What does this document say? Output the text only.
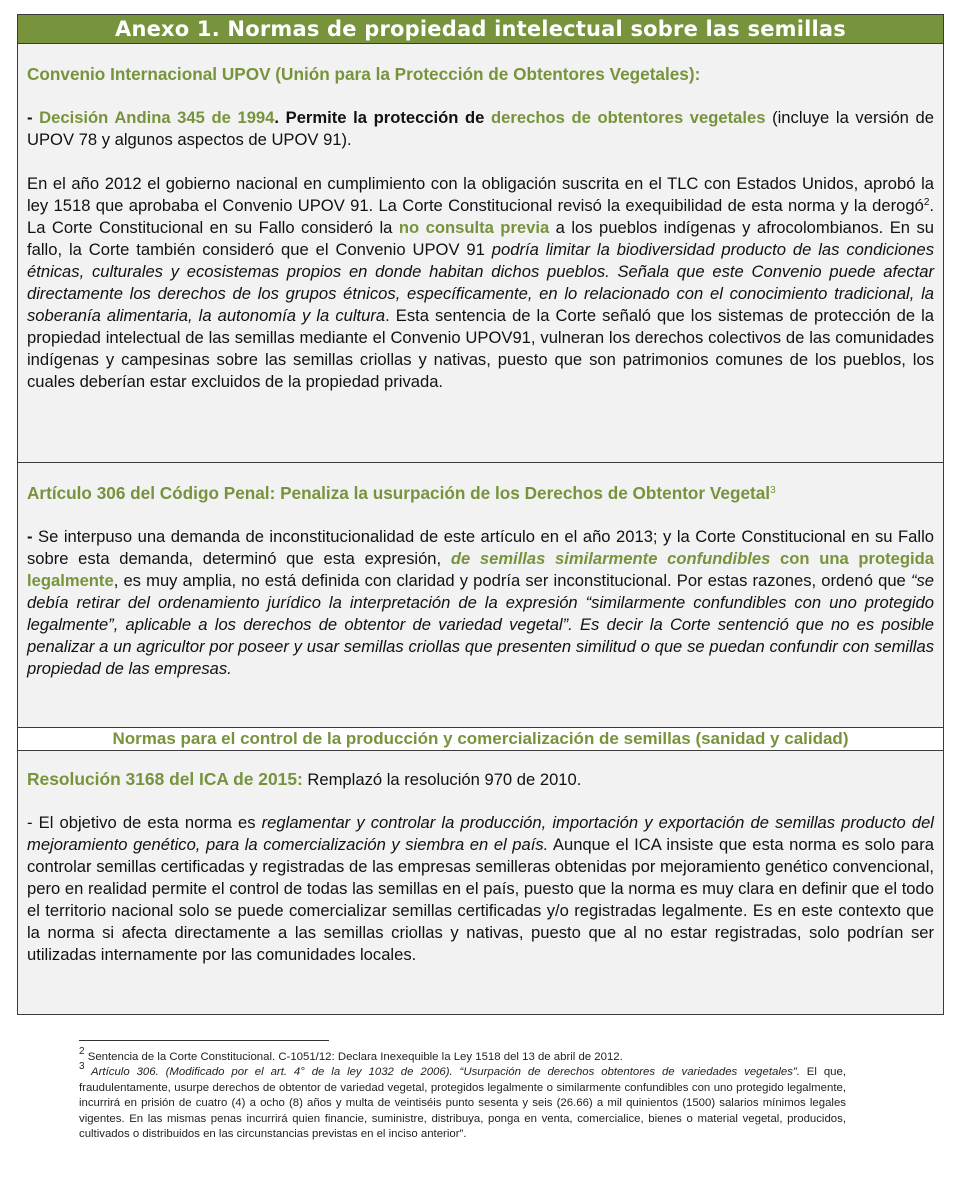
Anexo 1. Normas de propiedad intelectual sobre las semillas

Convenio Internacional UPOV (Unión para la Protección de Obtentores Vegetales):

- Decisión Andina 345 de 1994. Permite la protección de derechos de obtentores vegetales (incluye la versión de UPOV 78 y algunos aspectos de UPOV 91).

En el año 2012 el gobierno nacional en cumplimiento con la obligación suscrita en el TLC con Estados Unidos, aprobó la ley 1518 que aprobaba el Convenio UPOV 91. La Corte Constitucional revisó la exequibilidad de esta norma y la derogó$^2$. La Corte Constitucional en su Fallo consideró la no consulta previa a los pueblos indígenas y afrocolombianos. En su fallo, la Corte también consideró que el Convenio UPOV 91 podría limitar la biodiversidad producto de las condiciones étnicas, culturales y ecosistemas propios en donde habitan dichos pueblos. Señala que este Convenio puede afectar directamente los derechos de los grupos étnicos, específicamente, en lo relacionado con el conocimiento tradicional, la soberanía alimentaria, la autonomía y la cultura. Esta sentencia de la Corte señaló que los sistemas de protección de la propiedad intelectual de las semillas mediante el Convenio UPOV91, vulneran los derechos colectivos de las comunidades indígenas y campesinas sobre las semillas criollas y nativas, puesto que son patrimonios comunes de los pueblos, los cuales deberían estar excluidos de la propiedad privada.

Artículo 306 del Código Penal: Penaliza la usurpación de los Derechos de Obtentor Vegetal$^3$

- Se interpuso una demanda de inconstitucionalidad de este artículo en el año 2013; y la Corte Constitucional en su Fallo sobre esta demanda, determinó que esta expresión, de semillas similarmente confundibles con una protegida legalmente, es muy amplia, no está definida con claridad y podría ser inconstitucional. Por estas razones, ordenó que “se debía retirar del ordenamiento jurídico la interpretación de la expresión “similarmente confundibles con uno protegido legalmente”, aplicable a los derechos de obtentor de variedad vegetal”. Es decir la Corte sentenció que no es posible penalizar a un agricultor por poseer y usar semillas criollas que presenten similitud o que se puedan confundir con semillas propiedad de las empresas.

Normas para el control de la producción y comercialización de semillas (sanidad y calidad)

Resolución 3168 del ICA de 2015: Remplazó la resolución 970 de 2010.

- El objetivo de esta norma es reglamentar y controlar la producción, importación y exportación de semillas producto del mejoramiento genético, para la comercialización y siembra en el país. Aunque el ICA insiste que esta norma es solo para controlar semillas certificadas y registradas de las empresas semilleras obtenidas por mejoramiento genético convencional, pero en realidad permite el control de todas las semillas en el país, puesto que la norma es muy clara en definir que el todo el territorio nacional solo se puede comercializar semillas certificadas y/o registradas legalmente. Es en este contexto que la norma si afecta directamente a las semillas criollas y nativas, puesto que al no estar registradas, solo podrían ser utilizadas internamente por las comunidades locales.

$^2$ Sentencia de la Corte Constitucional. C-1051/12: Declara Inexequible la Ley 1518 del 13 de abril de 2012.

$^3$ Artículo 306. (Modificado por el art. 4° de la ley 1032 de 2006). “Usurpación de derechos obtentores de variedades vegetales”. El que, fraudulentamente, usurpe derechos de obtentor de variedad vegetal, protegidos legalmente o similarmente confundibles con uno protegido legalmente, incurrirá en prisión de cuatro (4) a ocho (8) años y multa de veintiséis punto sesenta y seis (26.66) a mil quinientos (1500) salarios mínimos legales vigentes. En las mismas penas incurrirá quien financie, suministre, distribuya, ponga en venta, comercialice, bienes o material vegetal, producidos, cultivados o distribuidos en las circunstancias previstas en el inciso anterior”.
